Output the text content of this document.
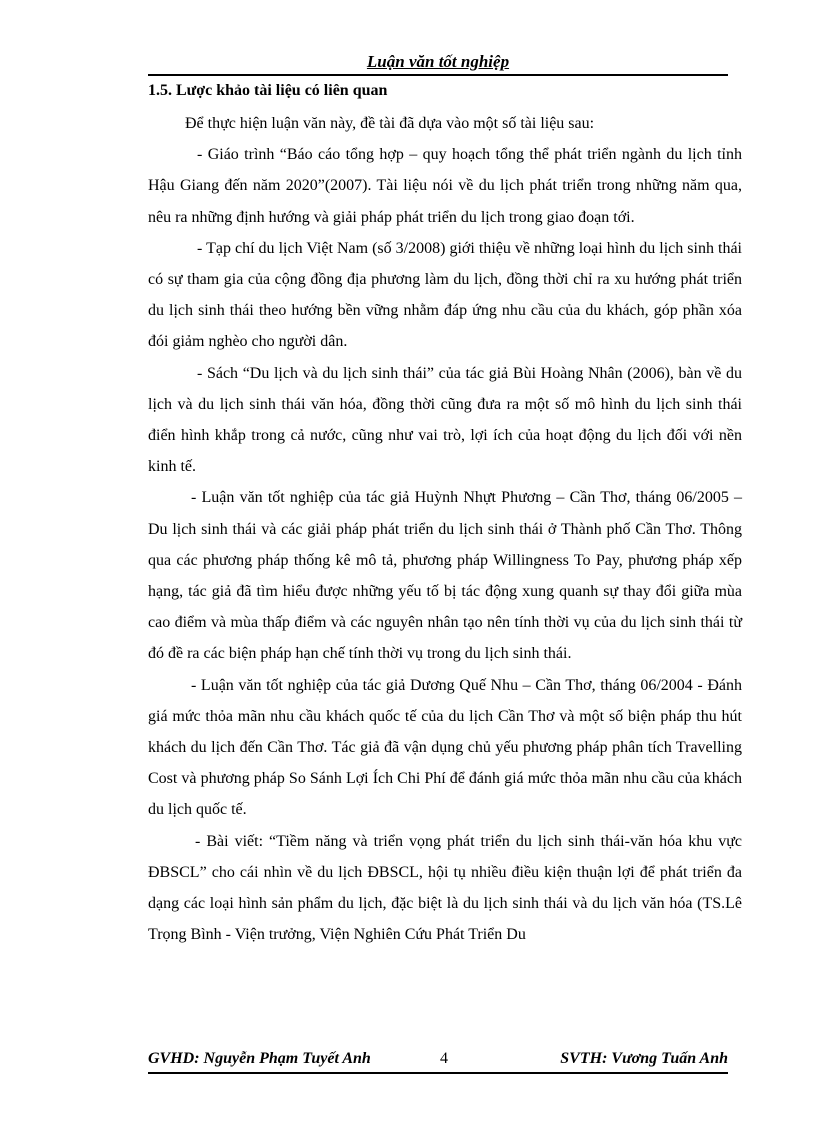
Luận văn tốt nghiệp
1.5. Lược khảo tài liệu có liên quan

Để thực hiện luận văn này, đề tài đã dựa vào một số tài liệu sau:

- Giáo trình “Báo cáo tổng hợp – quy hoạch tổng thể phát triển ngành du lịch tỉnh Hậu Giang đến năm 2020”(2007). Tài liệu nói về du lịch phát triển trong những năm qua, nêu ra những định hướng và giải pháp phát triển du lịch trong giao đoạn tới.

- Tạp chí du lịch Việt Nam (số 3/2008) giới thiệu về những loại hình du lịch sinh thái có sự tham gia của cộng đồng địa phương làm du lịch, đồng thời chỉ ra xu hướng phát triển du lịch sinh thái theo hướng bền vững nhằm đáp ứng nhu cầu của du khách, góp phần xóa đói giảm nghèo cho người dân.

- Sách “Du lịch và du lịch sinh thái” của tác giả Bùi Hoàng Nhân (2006), bàn về du lịch và du lịch sinh thái văn hóa, đồng thời cũng đưa ra một số mô hình du lịch sinh thái điển hình khắp trong cả nước, cũng như vai trò, lợi ích của hoạt động du lịch đối với nền kinh tế.

- Luận văn tốt nghiệp của tác giả Huỳnh Nhựt Phương – Cần Thơ, tháng 06/2005 – Du lịch sinh thái và các giải pháp phát triển du lịch sinh thái ở Thành phố Cần Thơ. Thông qua các phương pháp thống kê mô tả, phương pháp Willingness To Pay, phương pháp xếp hạng, tác giả đã tìm hiểu được những yếu tố bị tác động xung quanh sự thay đổi giữa mùa cao điểm và mùa thấp điểm và các nguyên nhân tạo nên tính thời vụ của du lịch sinh thái từ đó đề ra các biện pháp hạn chế tính thời vụ trong du lịch sinh thái.

- Luận văn tốt nghiệp của tác giả Dương Quế Nhu – Cần Thơ, tháng 06/2004 - Đánh giá mức thỏa mãn nhu cầu khách quốc tế của du lịch Cần Thơ và một số biện pháp thu hút khách du lịch đến Cần Thơ. Tác giả đã vận dụng chủ yếu phương pháp phân tích Travelling Cost và phương pháp So Sánh Lợi Ích Chi Phí để đánh giá mức thỏa mãn nhu cầu của khách du lịch quốc tế.

- Bài viết: “Tiềm năng và triển vọng phát triển du lịch sinh thái-văn hóa khu vực ĐBSCL” cho cái nhìn về du lịch ĐBSCL, hội tụ nhiều điều kiện thuận lợi để phát triển đa dạng các loại hình sản phẩm du lịch, đặc biệt là du lịch sinh thái và du lịch văn hóa (TS.Lê Trọng Bình - Viện trưởng, Viện Nghiên Cứu Phát Triển Du

GVHD: Nguyễn Phạm Tuyết Anh	4	SVTH: Vương Tuấn Anh
